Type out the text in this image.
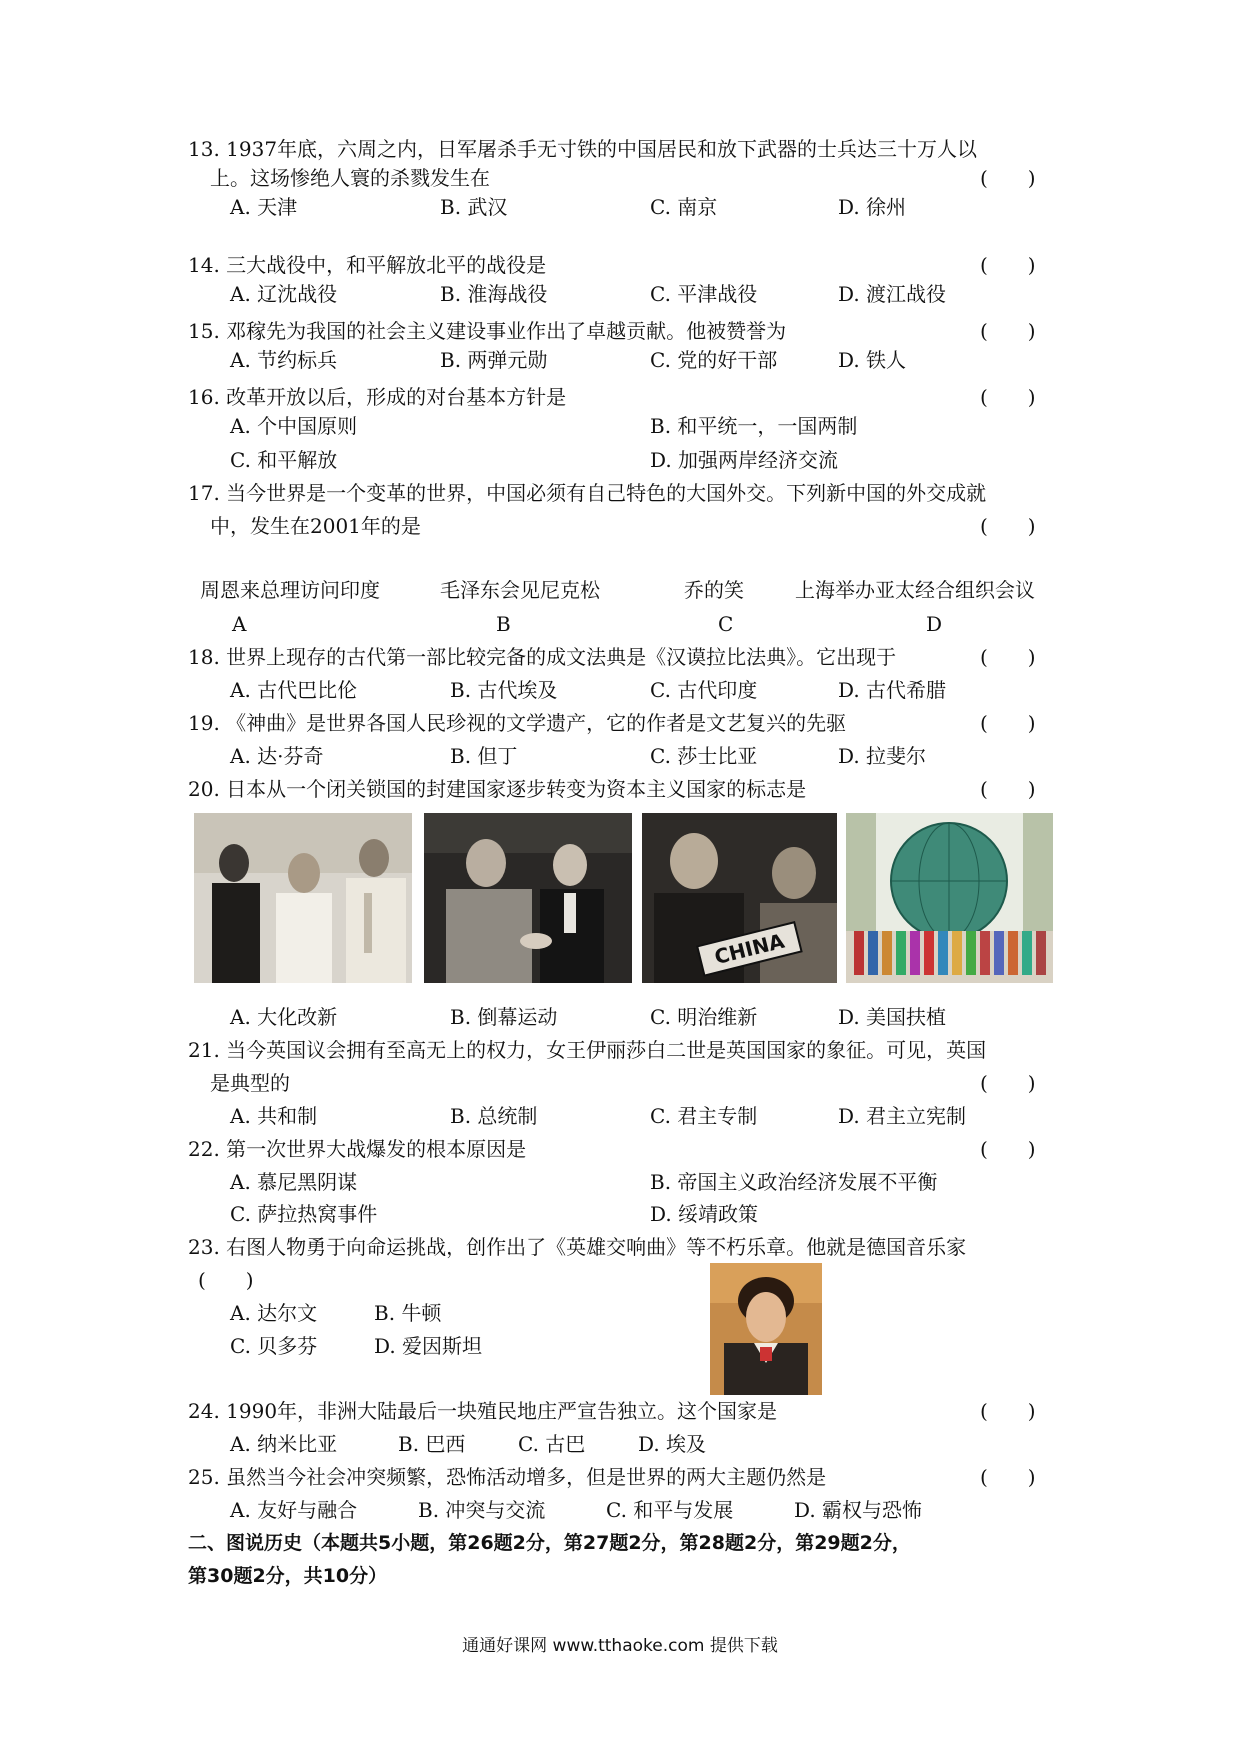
13. 1937年底，六周之内，日军屠杀手无寸铁的中国居民和放下武器的士兵达三十万人以
上。这场惨绝人寰的杀戮发生在	(　　)
A. 天津	B. 武汉	C. 南京	D. 徐州
14. 三大战役中，和平解放北平的战役是	(　　)
A. 辽沈战役	B. 淮海战役	C. 平津战役	D. 渡江战役
15. 邓稼先为我国的社会主义建设事业作出了卓越贡献。他被赞誉为	(　　)
A. 节约标兵	B. 两弹元勋	C. 党的好干部	D. 铁人
16. 改革开放以后，形成的对台基本方针是	(　　)
A. 个中国原则	B. 和平统一，一国两制
C. 和平解放	D. 加强两岸经济交流
17. 当今世界是一个变革的世界，中国必须有自己特色的大国外交。下列新中国的外交成就
中，发生在2001年的是	(　　)
周恩来总理访问印度	毛泽东会见尼克松	乔的笑	上海举办亚太经合组织会议
A	B	C	D
18. 世界上现存的古代第一部比较完备的成文法典是《汉谟拉比法典》。它出现于	(　　)
A. 古代巴比伦	B. 古代埃及	C. 古代印度	D. 古代希腊
19. 《神曲》是世界各国人民珍视的文学遗产，它的作者是文艺复兴的先驱	(　　)
A. 达·芬奇	B. 但丁	C. 莎士比亚	D. 拉斐尔
20. 日本从一个闭关锁国的封建国家逐步转变为资本主义国家的标志是	(　　)
CHINA
A. 大化改新	B. 倒幕运动	C. 明治维新	D. 美国扶植
21. 当今英国议会拥有至高无上的权力，女王伊丽莎白二世是英国国家的象征。可见，英国
是典型的	(　　)
A. 共和制	B. 总统制	C. 君主专制	D. 君主立宪制
22. 第一次世界大战爆发的根本原因是	(　　)
A. 慕尼黑阴谋	B. 帝国主义政治经济发展不平衡
C. 萨拉热窝事件	D. 绥靖政策
23. 右图人物勇于向命运挑战，创作出了《英雄交响曲》等不朽乐章。他就是德国音乐家
(　　)
A. 达尔文	B. 牛顿
C. 贝多芬	D. 爱因斯坦
24. 1990年，非洲大陆最后一块殖民地庄严宣告独立。这个国家是	(　　)
A. 纳米比亚	B. 巴西	C. 古巴	D. 埃及
25. 虽然当今社会冲突频繁，恐怖活动增多，但是世界的两大主题仍然是	(　　)
A. 友好与融合	B. 冲突与交流	C. 和平与发展	D. 霸权与恐怖
二、图说历史（本题共5小题，第26题2分，第27题2分，第28题2分，第29题2分，
第30题2分，共10分）
通通好课网 www.tthaoke.com 提供下载
